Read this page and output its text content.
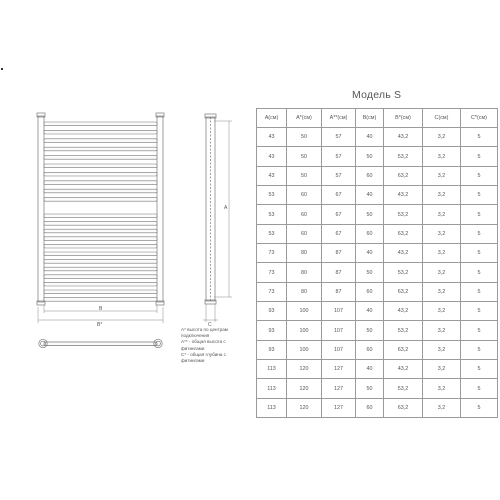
B
B*
A
C
A* высота по центрам
подключения
A** - общая высота с
фитингами
C* - общая глубина с
фитингами
Модель S
A(см)	A*(см)	A**(см)	B(см)	B*(см)	C(см)	C*(см)
43	50	57	40	43,2	3,2	5
43	50	57	50	53,2	3,2	5
43	50	57	60	63,2	3,2	5
53	60	67	40	43,2	3,2	5
53	60	67	50	53,2	3,2	5
53	60	67	60	63,2	3,2	5
73	80	87	40	43,2	3,2	5
73	80	87	50	53,2	3,2	5
73	80	87	60	63,2	3,2	5
93	100	107	40	43,2	3,2	5
93	100	107	50	53,2	3,2	5
93	100	107	60	63,2	3,2	5
113	120	127	40	43,2	3,2	5
113	120	127	50	53,2	3,2	5
113	120	127	60	63,2	3,2	5
